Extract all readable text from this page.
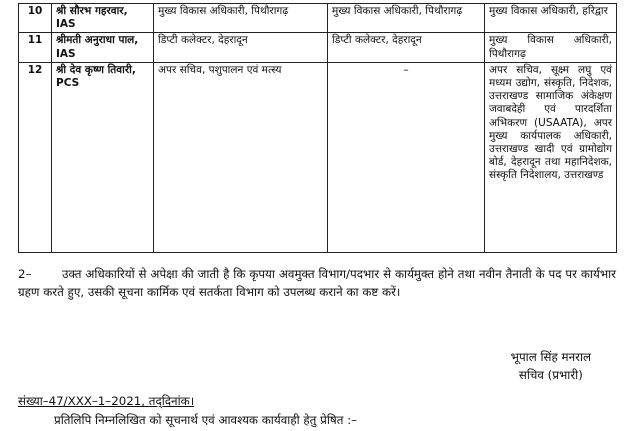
10	श्री सौरभ गहरवार, IAS	मुख्य विकास अधिकारी, पिथौरागढ़	मुख्य विकास अधिकारी, पिथौरागढ़	मुख्य विकास अधिकारी, हरिद्वार
11	श्रीमती अनुराधा पाल, IAS	डिप्टी कलेक्टर, देहरादून	डिप्टी कलेक्टर, देहरादून	मुख्य विकास अधिकारी, पिथौरागढ़
12	श्री देव कृष्ण तिवारी, PCS	अपर सचिव, पशुपालन एवं मत्स्य	–	अपर सचिव, सूक्ष्म लघु एवं मध्यम उद्योग, संस्कृति, निदेशक, उत्तराखण्ड सामाजिक अंकेक्षण जवाबदेही एवं पारदर्शिता अभिकरण (USAATA), अपर मुख्य कार्यपालक अधिकारी, उत्तराखण्ड खादी एवं ग्रामोद्योग बोर्ड, देहरादून तथा महानिदेशक, संस्कृति निदेशालय, उत्तराखण्ड
2–	उक्त अधिकारियों से अपेक्षा की जाती है कि कृपया अवमुक्त विभाग/पदभार से कार्यमुक्त होने तथा नवीन तैनाती के पद पर कार्यभार ग्रहण करते हुए, उसकी सूचना कार्मिक एवं सतर्कता विभाग को उपलब्ध कराने का कष्ट करें।
भूपाल सिंह मनराल
सचिव (प्रभारी)
संख्या–47/XXX–1–2021, तद्‌दिनांक।
प्रतिलिपि निम्नलिखित को सूचनार्थ एवं आवश्यक कार्यवाही हेतु प्रेषित :–
